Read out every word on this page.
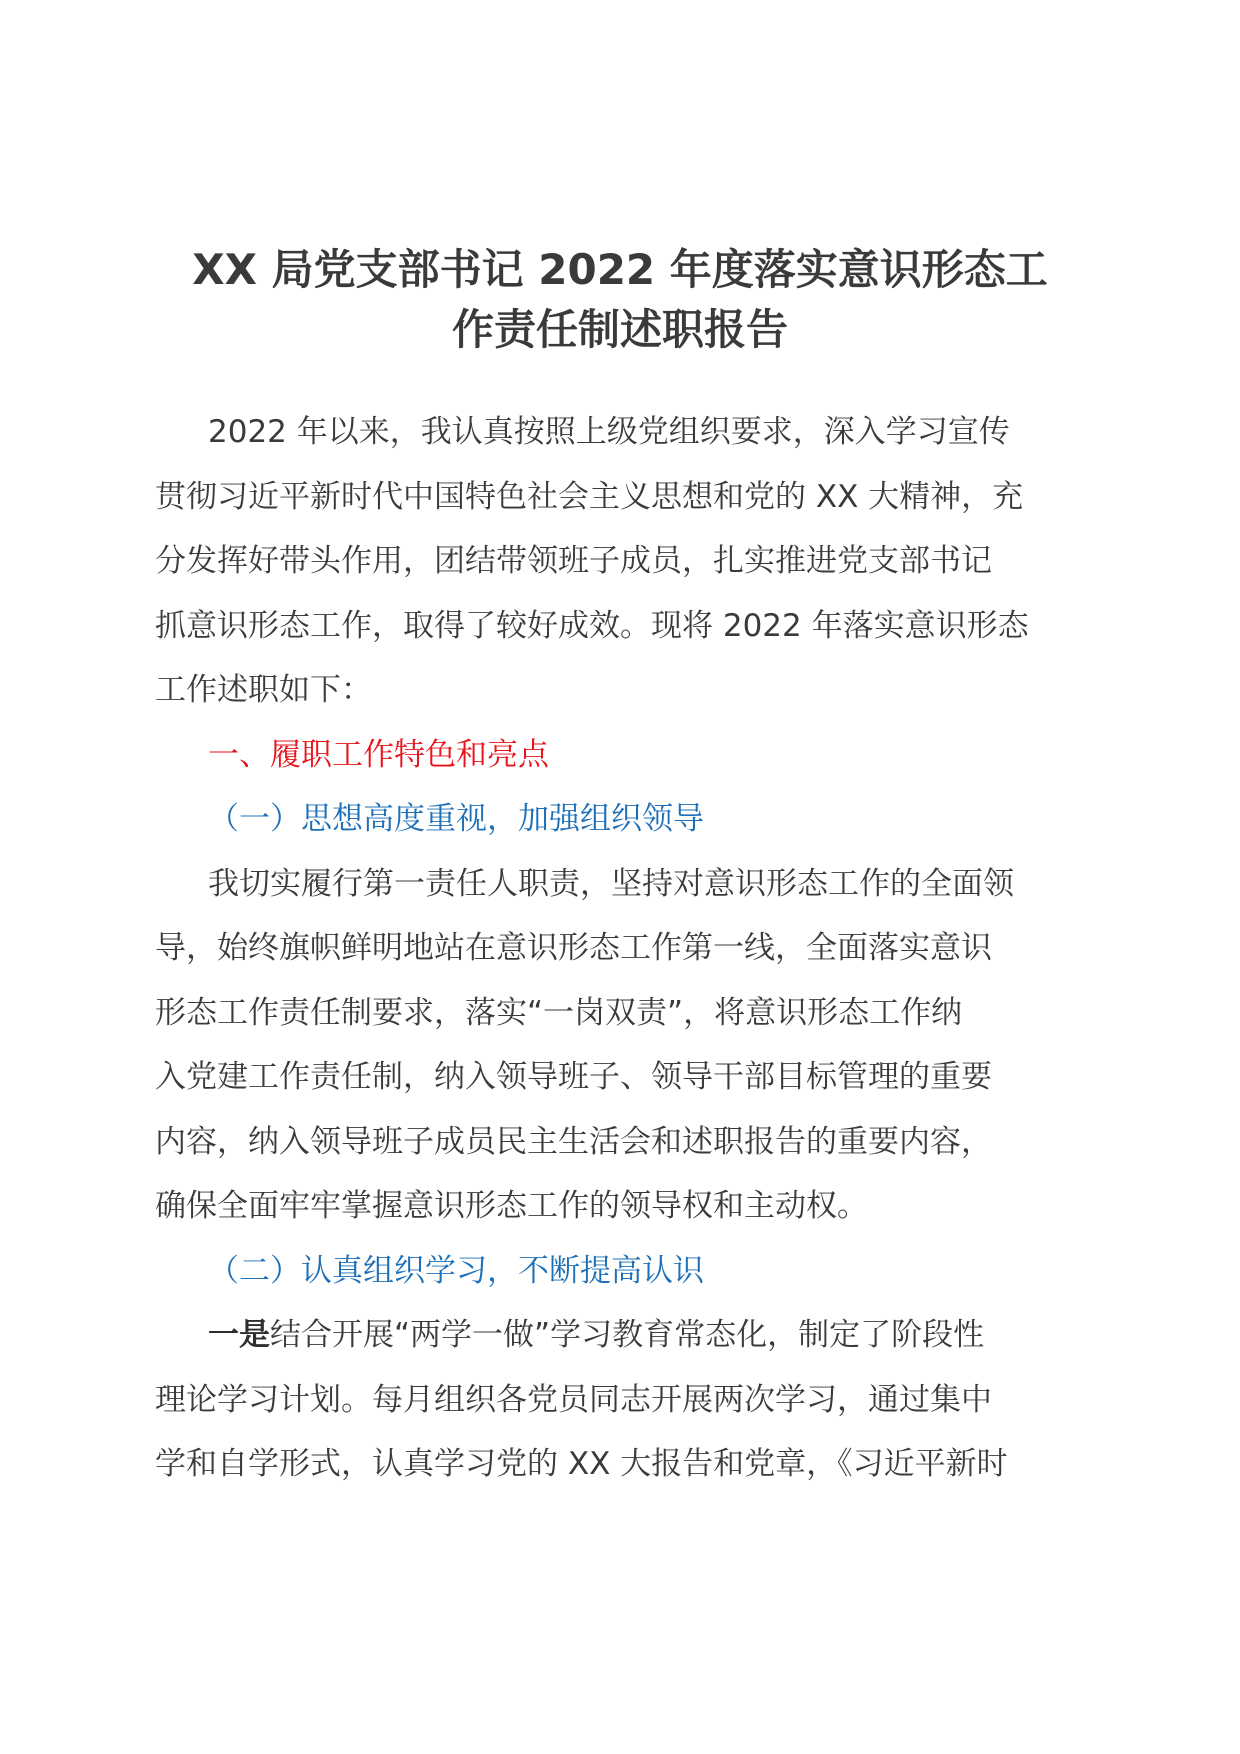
XX 局党支部书记 2022 年度落实意识形态工
作责任制述职报告
2022 年以来，我认真按照上级党组织要求，深入学习宣传
贯彻习近平新时代中国特色社会主义思想和党的 XX 大精神，充
分发挥好带头作用，团结带领班子成员，扎实推进党支部书记
抓意识形态工作，取得了较好成效。现将 2022 年落实意识形态
工作述职如下：
一、履职工作特色和亮点
（一）思想高度重视，加强组织领导
我切实履行第一责任人职责，坚持对意识形态工作的全面领
导，始终旗帜鲜明地站在意识形态工作第一线，全面落实意识
形态工作责任制要求，落实“一岗双责”，将意识形态工作纳
入党建工作责任制，纳入领导班子、领导干部目标管理的重要
内容，纳入领导班子成员民主生活会和述职报告的重要内容，
确保全面牢牢掌握意识形态工作的领导权和主动权。
（二）认真组织学习，不断提高认识
一是结合开展“两学一做”学习教育常态化，制定了阶段性
理论学习计划。每月组织各党员同志开展两次学习，通过集中
学和自学形式，认真学习党的 XX 大报告和党章，《习近平新时
